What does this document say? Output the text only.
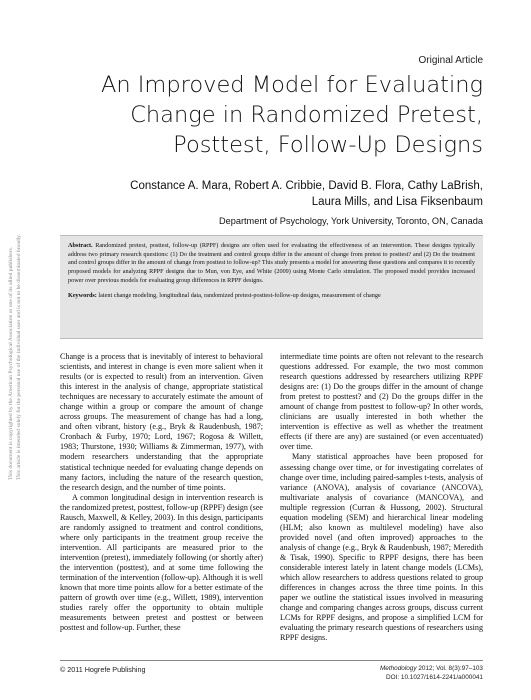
This document is copyrighted by the American Psychological Association or one of its allied publishers. This article is intended solely for the personal use of the individual user and is not to be disseminated broadly.
Original Article
An Improved Model for Evaluating
Change in Randomized Pretest,
Posttest, Follow-Up Designs
Constance A. Mara, Robert A. Cribbie, David B. Flora, Cathy LaBrish,
Laura Mills, and Lisa Fiksenbaum
Department of Psychology, York University, Toronto, ON, Canada

Abstract. Randomized pretest, posttest, follow-up (RPPF) designs are often used for evaluating the effectiveness of an intervention. These designs typically address two primary research questions: (1) Do the treatment and control groups differ in the amount of change from pretest to posttest? and (2) Do the treatment and control groups differ in the amount of change from posttest to follow-up? This study presents a model for answering these questions and compares it to recently proposed models for analyzing RPPF designs due to Mun, von Eye, and White (2009) using Monte Carlo simulation. The proposed model provides increased power over previous models for evaluating group differences in RPPF designs.

Keywords: latent change modeling, longitudinal data, randomized pretest-posttest-follow-up designs, measurement of change

Change is a process that is inevitably of interest to behavioral scientists, and interest in change is even more salient when it results (or is expected to result) from an intervention. Given this interest in the analysis of change, appropriate statistical techniques are necessary to accurately estimate the amount of change within a group or compare the amount of change across groups. The measurement of change has had a long, and often vibrant, history (e.g., Bryk & Raudenbush, 1987; Cronbach & Furby, 1970; Lord, 1967; Rogosa & Willett, 1983; Thurstone, 1930; Williams & Zimmerman, 1977), with modern researchers understanding that the appropriate statistical technique needed for evaluating change depends on many factors, including the nature of the research question, the research design, and the number of time points.

A common longitudinal design in intervention research is the randomized pretest, posttest, follow-up (RPPF) design (see Rausch, Maxwell, & Kelley, 2003). In this design, participants are randomly assigned to treatment and control conditions, where only participants in the treatment group receive the intervention. All participants are measured prior to the intervention (pretest), immediately following (or shortly after) the intervention (posttest), and at some time following the termination of the intervention (follow-up). Although it is well known that more time points allow for a better estimate of the pattern of growth over time (e.g., Willett, 1989), intervention studies rarely offer the opportunity to obtain multiple measurements between pretest and posttest or between posttest and follow-up. Further, these

intermediate time points are often not relevant to the research questions addressed. For example, the two most common research questions addressed by researchers utilizing RPPF designs are: (1) Do the groups differ in the amount of change from pretest to posttest? and (2) Do the groups differ in the amount of change from posttest to follow-up? In other words, clinicians are usually interested in both whether the intervention is effective as well as whether the treatment effects (if there are any) are sustained (or even accentuated) over time.

Many statistical approaches have been proposed for assessing change over time, or for investigating correlates of change over time, including paired-samples t-tests, analysis of variance (ANOVA), analysis of covariance (ANCOVA), multivariate analysis of covariance (MANCOVA), and multiple regression (Curran & Hussong, 2002). Structural equation modeling (SEM) and hierarchical linear modeling (HLM; also known as multilevel modeling) have also provided novel (and often improved) approaches to the analysis of change (e.g., Bryk & Raudenbush, 1987; Meredith & Tisak, 1990). Specific to RPPF designs, there has been considerable interest lately in latent change models (LCMs), which allow researchers to address questions related to group differences in changes across the three time points. In this paper we outline the statistical issues involved in measuring change and comparing changes across groups, discuss current LCMs for RPPF designs, and propose a simplified LCM for evaluating the primary research questions of researchers using RPPF designs.

© 2011 Hogrefe Publishing	Methodology 2012; Vol. 8(3):97–103
DOI: 10.1027/1614-2241/a000041
